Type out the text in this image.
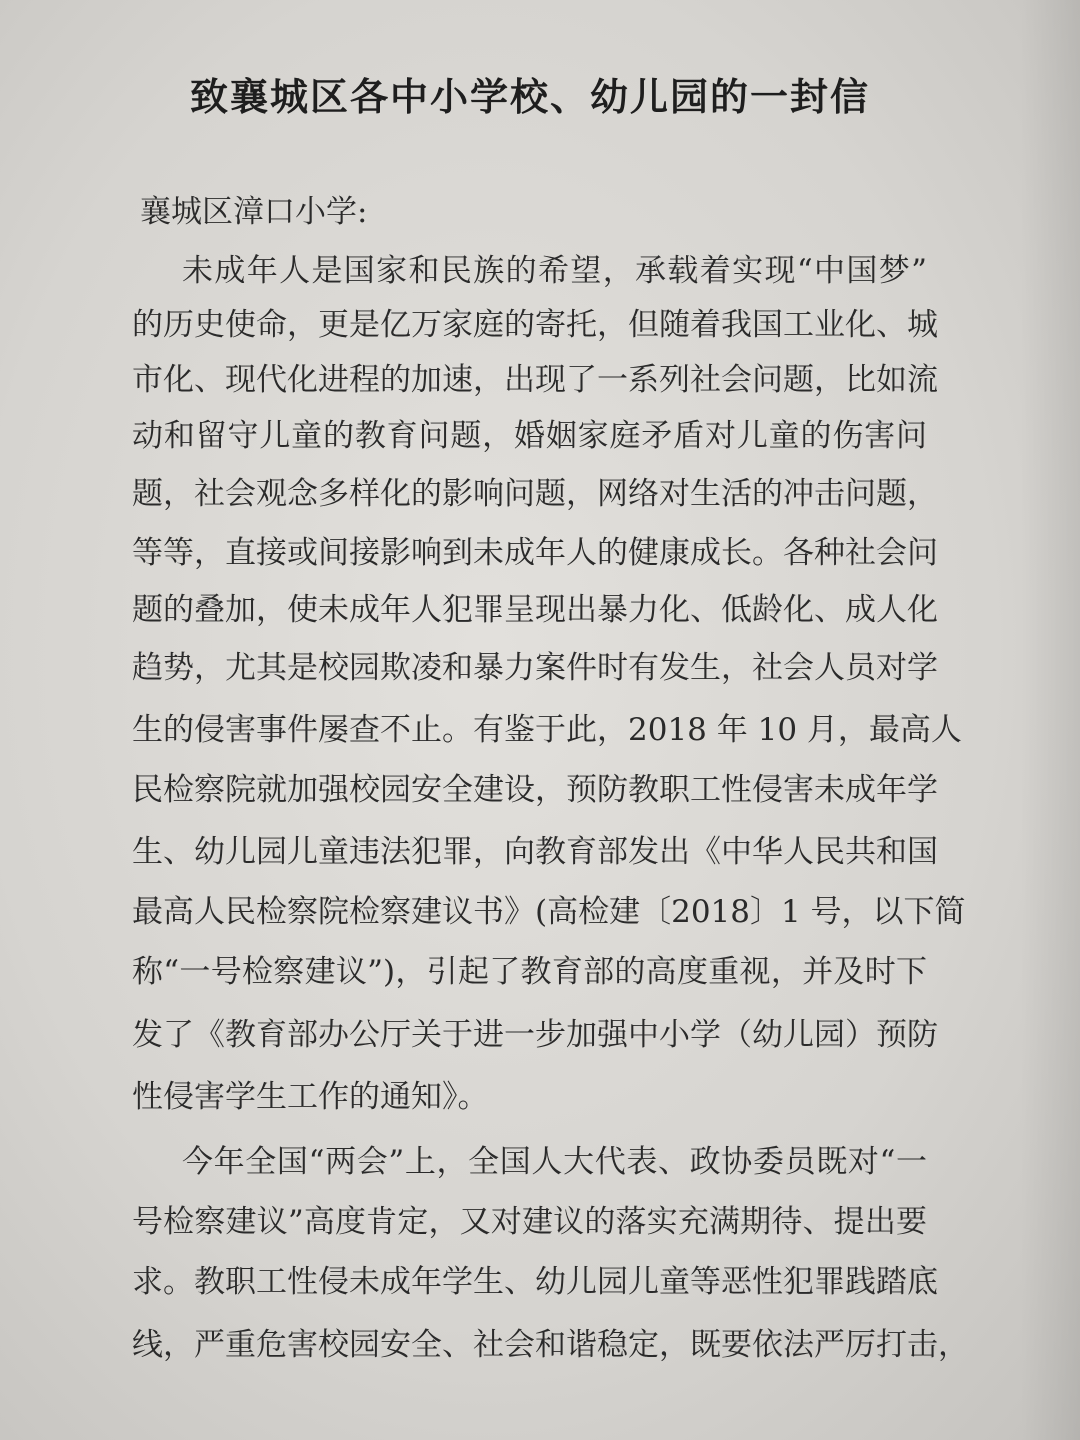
致襄城区各中小学校、幼儿园的一封信
襄城区漳口小学:
未成年人是国家和民族的希望，承载着实现“中国梦”
的历史使命，更是亿万家庭的寄托，但随着我国工业化、城
市化、现代化进程的加速，出现了一系列社会问题，比如流
动和留守儿童的教育问题，婚姻家庭矛盾对儿童的伤害问
题，社会观念多样化的影响问题，网络对生活的冲击问题，
等等，直接或间接影响到未成年人的健康成长。各种社会问
题的叠加，使未成年人犯罪呈现出暴力化、低龄化、成人化
趋势，尤其是校园欺凌和暴力案件时有发生，社会人员对学
生的侵害事件屡查不止。有鉴于此，2018 年 10 月，最高人
民检察院就加强校园安全建设，预防教职工性侵害未成年学
生、幼儿园儿童违法犯罪，向教育部发出《中华人民共和国
最高人民检察院检察建议书》(高检建〔2018〕1 号，以下简
称“一号检察建议”)，引起了教育部的高度重视，并及时下
发了《教育部办公厅关于进一步加强中小学（幼儿园）预防
性侵害学生工作的通知》。
今年全国“两会”上，全国人大代表、政协委员既对“一
号检察建议”高度肯定，又对建议的落实充满期待、提出要
求。教职工性侵未成年学生、幼儿园儿童等恶性犯罪践踏底
线，严重危害校园安全、社会和谐稳定，既要依法严厉打击，
